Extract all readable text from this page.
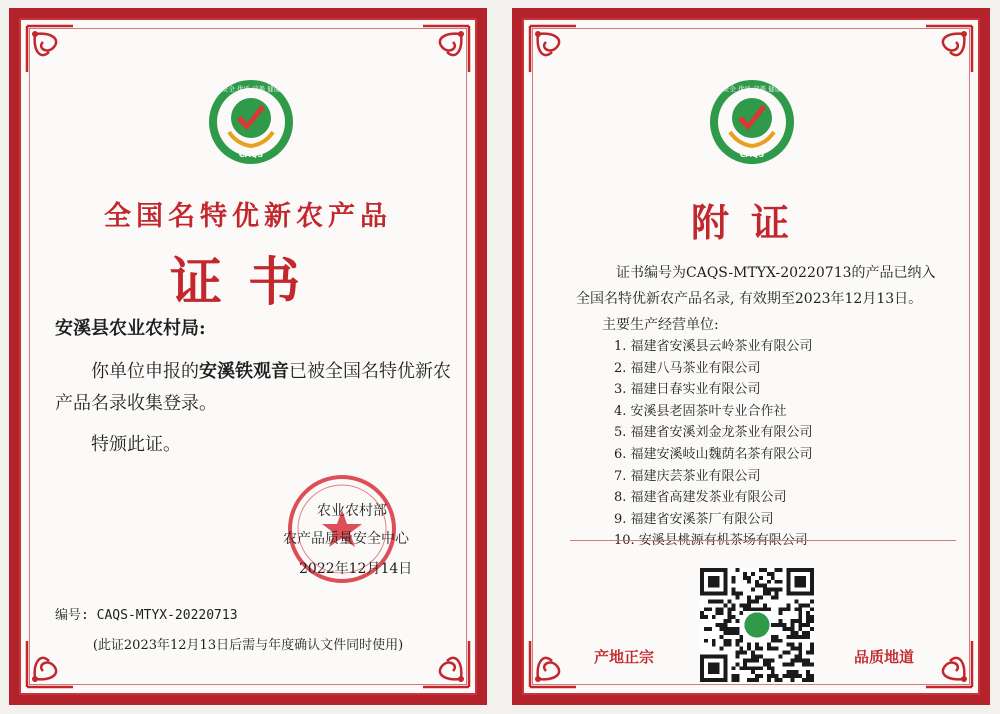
CAQS
安全 优质 营养 健康
全国名特优新农产品
证书
安溪县农业农村局:
你单位申报的安溪铁观音已被全国名特优新农产品名录收集登录。
特颁此证。
农业农村部
农产品质量安全中心
2022年12月14日
编号: CAQS-MTYX-20220713
(此证2023年12月13日后需与年度确认文件同时使用)
CAQS
安全 优质 营养 健康
附证
证书编号为CAQS-MTYX-20220713的产品已纳入
全国名特优新农产品名录, 有效期至2023年12月13日。
主要生产经营单位:
1. 福建省安溪县云岭茶业有限公司
2. 福建八马茶业有限公司
3. 福建日春实业有限公司
4. 安溪县老固茶叶专业合作社
5. 福建省安溪刘金龙茶业有限公司
6. 福建安溪岐山魏荫名茶有限公司
7. 福建庆芸茶业有限公司
8. 福建省高建发茶业有限公司
9. 福建省安溪茶厂有限公司
10. 安溪县桃源有机茶场有限公司
产地正宗	品质地道
